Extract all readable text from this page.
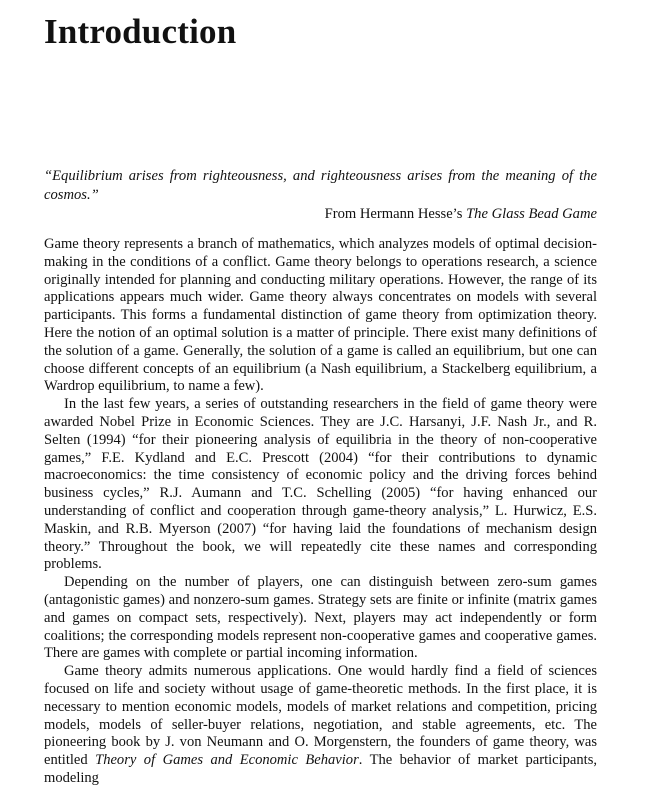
Introduction

“Equilibrium arises from righteousness, and righteousness arises from the meaning of the cosmos.”

From Hermann Hesse’s The Glass Bead Game

Game theory represents a branch of mathematics, which analyzes models of optimal decision-making in the conditions of a conflict. Game theory belongs to operations research, a science originally intended for planning and conducting military operations. However, the range of its applications appears much wider. Game theory always concentrates on models with several participants. This forms a fundamental distinction of game theory from optimization theory. Here the notion of an optimal solution is a matter of principle. There exist many definitions of the solution of a game. Generally, the solution of a game is called an equilibrium, but one can choose different concepts of an equilibrium (a Nash equilibrium, a Stackelberg equilibrium, a Wardrop equilibrium, to name a few).

In the last few years, a series of outstanding researchers in the field of game theory were awarded Nobel Prize in Economic Sciences. They are J.C. Harsanyi, J.F. Nash Jr., and R. Selten (1994) “for their pioneering analysis of equilibria in the theory of non-cooperative games,” F.E. Kydland and E.C. Prescott (2004) “for their contributions to dynamic macroeconomics: the time consistency of economic policy and the driving forces behind business cycles,” R.J. Aumann and T.C. Schelling (2005) “for having enhanced our understanding of conflict and cooperation through game-theory analysis,” L. Hurwicz, E.S. Maskin, and R.B. Myerson (2007) “for having laid the foundations of mechanism design theory.” Throughout the book, we will repeatedly cite these names and corresponding problems.

Depending on the number of players, one can distinguish between zero-sum games (antagonistic games) and nonzero-sum games. Strategy sets are finite or infinite (matrix games and games on compact sets, respectively). Next, players may act independently or form coalitions; the corresponding models represent non-cooperative games and cooperative games. There are games with complete or partial incoming information.

Game theory admits numerous applications. One would hardly find a field of sciences focused on life and society without usage of game-theoretic methods. In the first place, it is necessary to mention economic models, models of market relations and competition, pricing models, models of seller-buyer relations, negotiation, and stable agreements, etc. The pioneering book by J. von Neumann and O. Morgenstern, the founders of game theory, was entitled Theory of Games and Economic Behavior. The behavior of market participants, modeling
